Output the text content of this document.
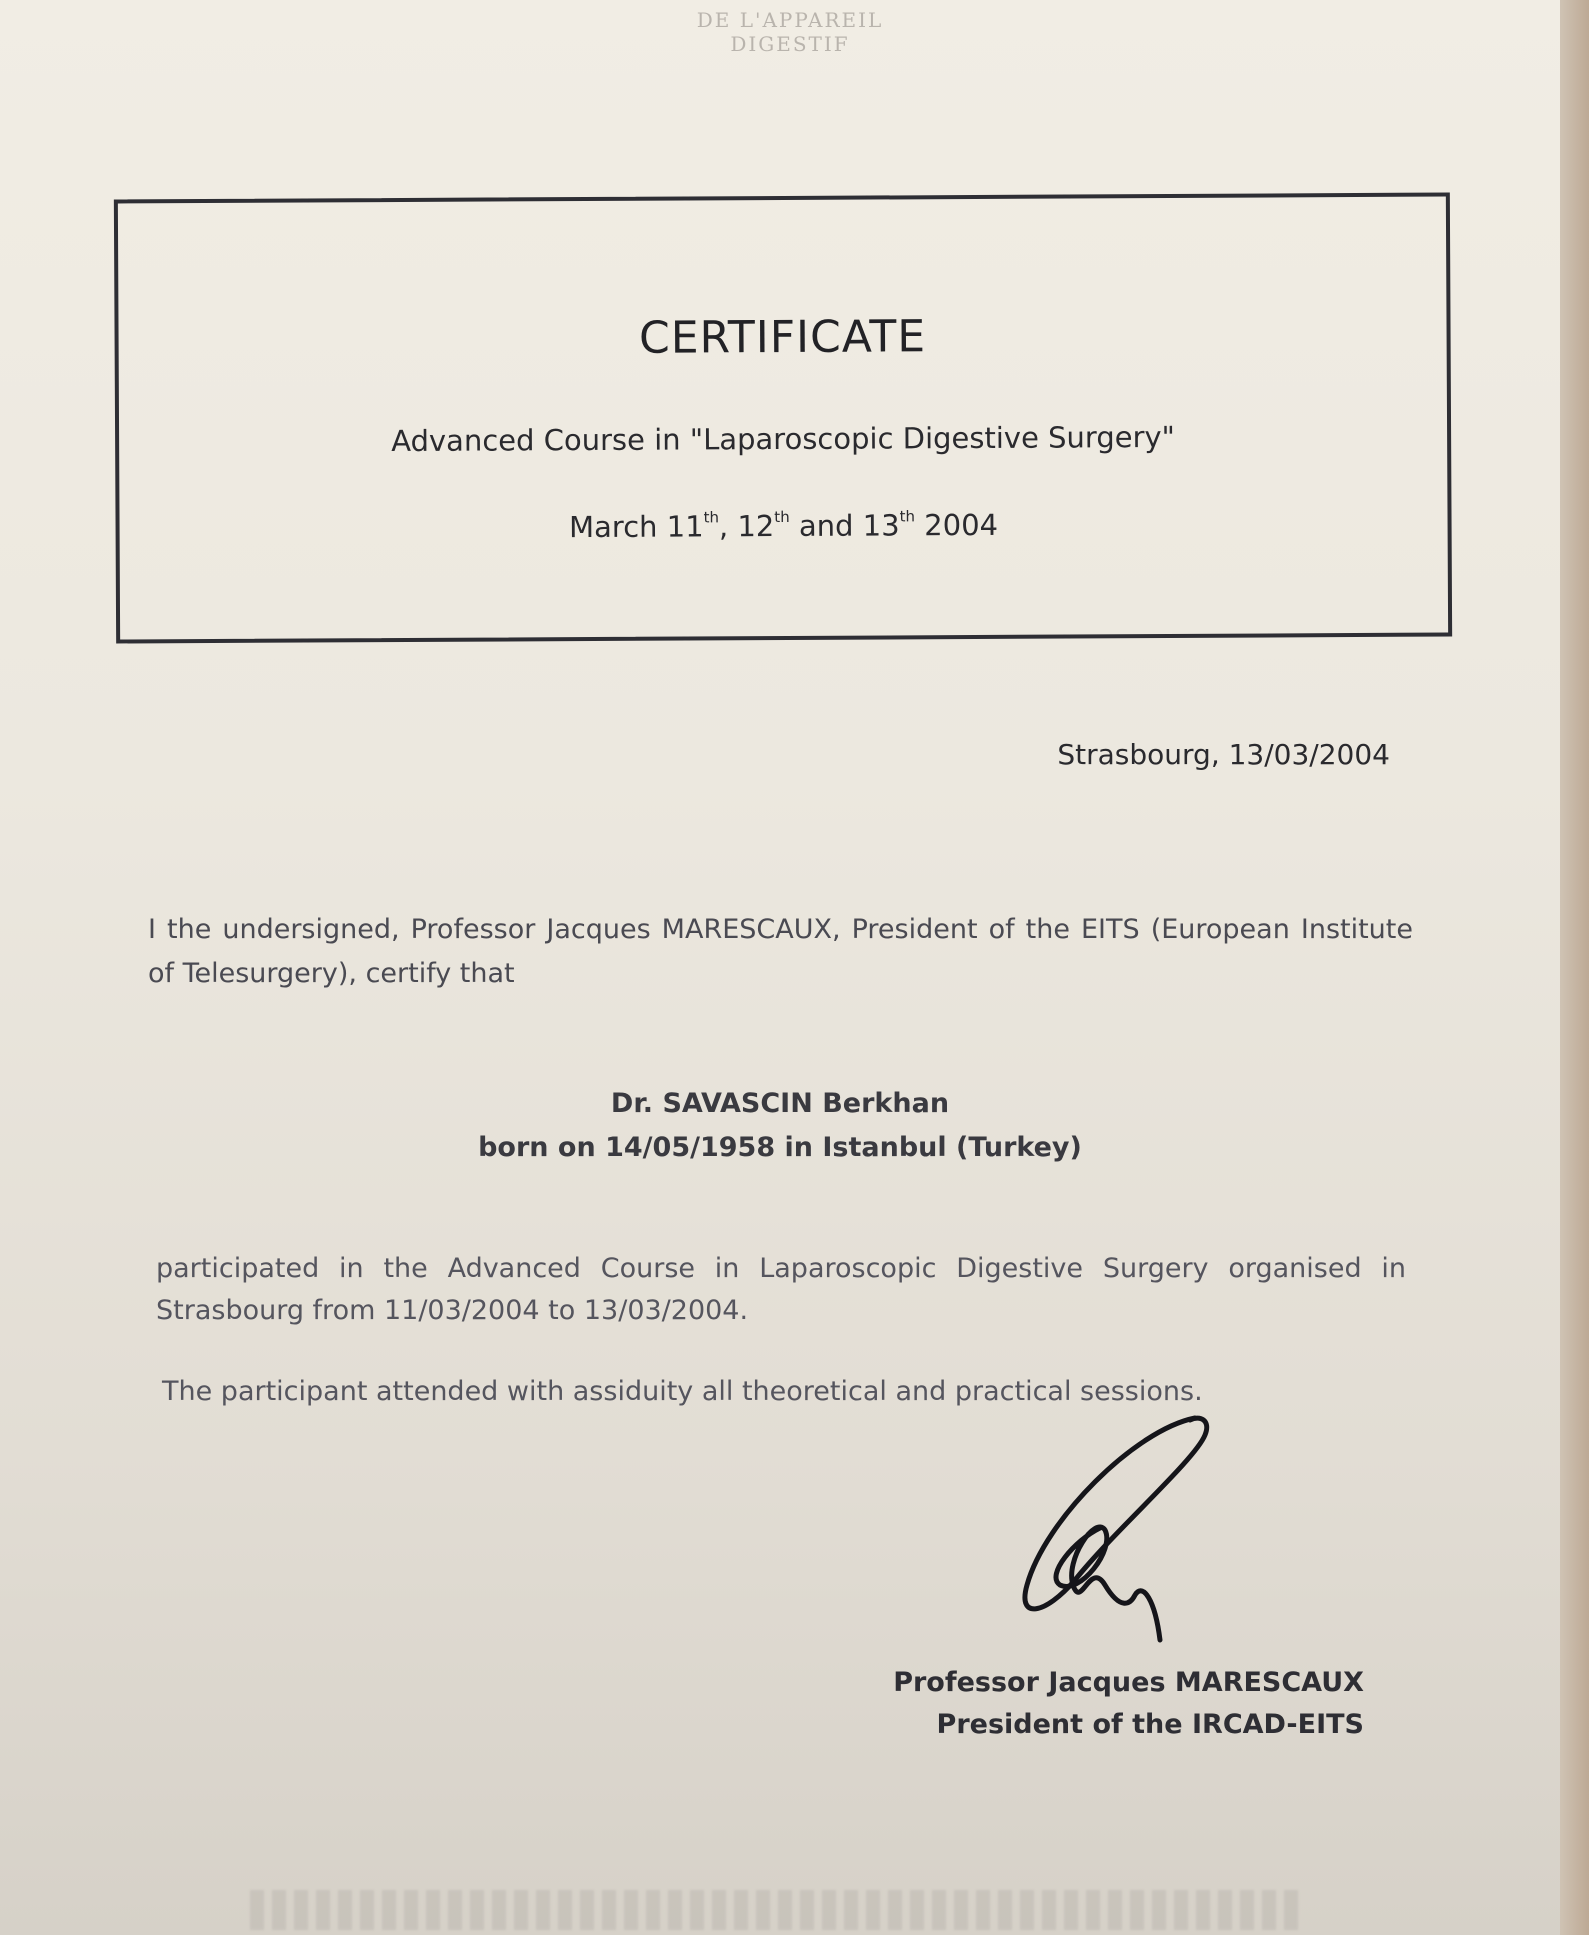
DE L'APPAREIL DIGESTIF
CERTIFICATE
Advanced Course in "Laparoscopic Digestive Surgery"
March 11th, 12th and 13th 2004
Strasbourg, 13/03/2004
I the undersigned, Professor Jacques MARESCAUX, President of the EITS (European Institute of Telesurgery), certify that
Dr. SAVASCIN Berkhan
born on 14/05/1958 in Istanbul (Turkey)
participated in the Advanced Course in Laparoscopic Digestive Surgery organised in Strasbourg from 11/03/2004 to 13/03/2004.
The participant attended with assiduity all theoretical and practical sessions.
Professor Jacques MARESCAUX
President of the IRCAD-EITS
